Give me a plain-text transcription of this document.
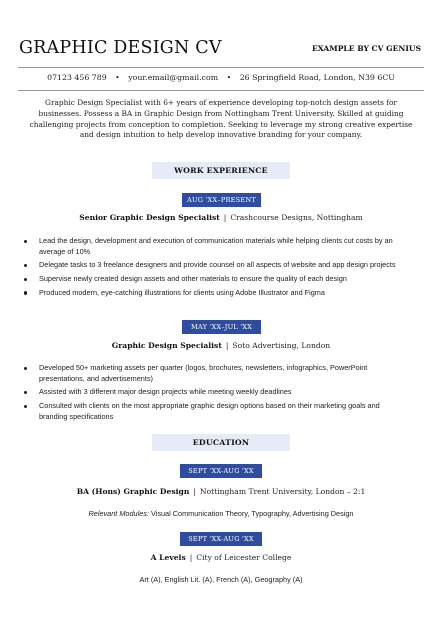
GRAPHIC DESIGN CV	EXAMPLE BY CV GENIUS
07123 456 789 • your.email@gmail.com • 26 Springfield Road, London, N39 6CU
Graphic Design Specialist with 6+ years of experience developing top-notch design assets for businesses. Possess a BA in Graphic Design from Nottingham Trent University. Skilled at guiding challenging projects from conception to completion. Seeking to leverage my strong creative expertise and design intuition to help develop innovative branding for your company.
WORK EXPERIENCE
AUG 'XX–PRESENT
Senior Graphic Design Specialist | Crashcourse Designs, Nottingham
Lead the design, development and execution of communication materials while helping clients cut costs by an average of 10%
Delegate tasks to 3 freelance designers and provide counsel on all aspects of website and app design projects
Supervise newly created design assets and other materials to ensure the quality of each design
Produced modern, eye-catching illustrations for clients using Adobe Illustrator and Figma
MAY 'XX–JUL 'XX
Graphic Design Specialist | Soto Advertising, London
Developed 50+ marketing assets per quarter (logos, brochures, newsletters, infographics, PowerPoint presentations, and advertisements)
Assisted with 3 different major design projects while meeting weekly deadlines
Consulted with clients on the most appropriate graphic design options based on their marketing goals and branding specifications
EDUCATION
SEPT 'XX-AUG 'XX
BA (Hons) Graphic Design | Nottingham Trent University, London – 2:1
Relevant Modules: Visual Communication Theory, Typography, Advertising Design
SEPT 'XX-AUG 'XX
A Levels | City of Leicester College
Art (A), English Lit. (A), French (A), Geography (A)
